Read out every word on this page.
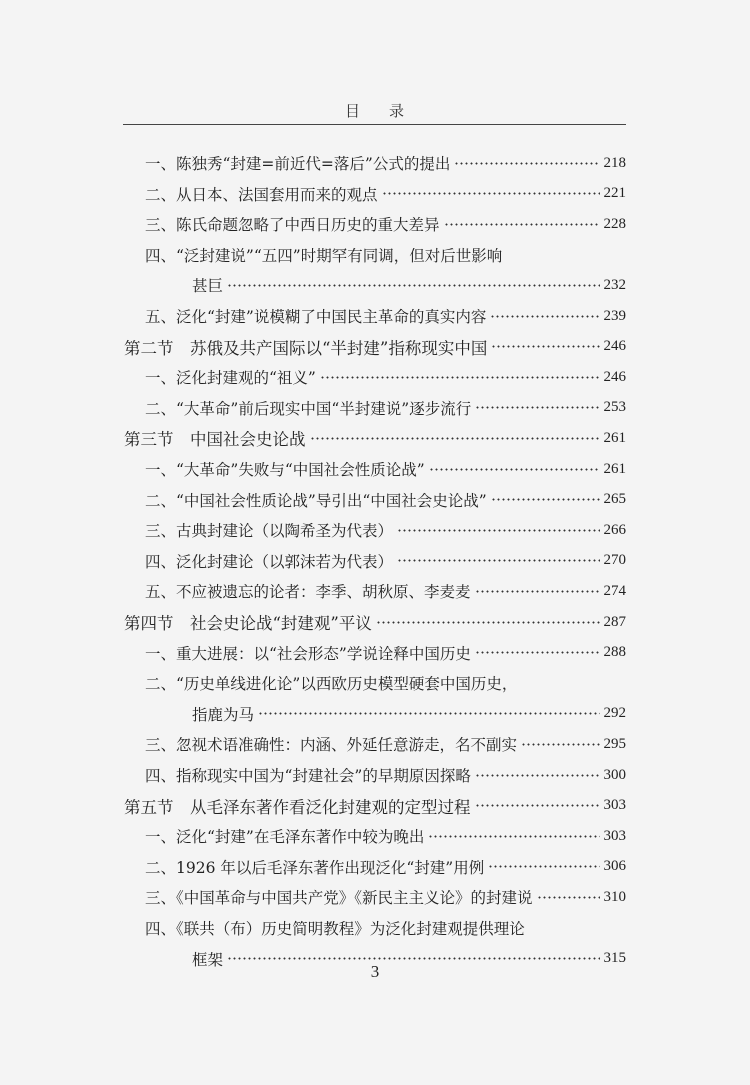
目 录
一、陈独秀“封建=前近代=落后”公式的提出	218
二、从日本、法国套用而来的观点	221
三、陈氏命题忽略了中西日历史的重大差异	228
四、“泛封建说”“五四”时期罕有同调，但对后世影响
甚巨	232
五、泛化“封建”说模糊了中国民主革命的真实内容	239
第二节　苏俄及共产国际以“半封建”指称现实中国	246
一、泛化封建观的“祖义”	246
二、“大革命”前后现实中国“半封建说”逐步流行	253
第三节　中国社会史论战	261
一、“大革命”失败与“中国社会性质论战”	261
二、“中国社会性质论战”导引出“中国社会史论战”	265
三、古典封建论（以陶希圣为代表）	266
四、泛化封建论（以郭沫若为代表）	270
五、不应被遗忘的论者：李季、胡秋原、李麦麦	274
第四节　社会史论战“封建观”平议	287
一、重大进展：以“社会形态”学说诠释中国历史	288
二、“历史单线进化论”以西欧历史模型硬套中国历史，
指鹿为马	292
三、忽视术语准确性：内涵、外延任意游走，名不副实	295
四、指称现实中国为“封建社会”的早期原因探略	300
第五节　从毛泽东著作看泛化封建观的定型过程	303
一、泛化“封建”在毛泽东著作中较为晚出	303
二、1926 年以后毛泽东著作出现泛化“封建”用例	306
三、《中国革命与中国共产党》《新民主主义论》的封建说	310
四、《联共（布）历史简明教程》为泛化封建观提供理论
框架	315
3
